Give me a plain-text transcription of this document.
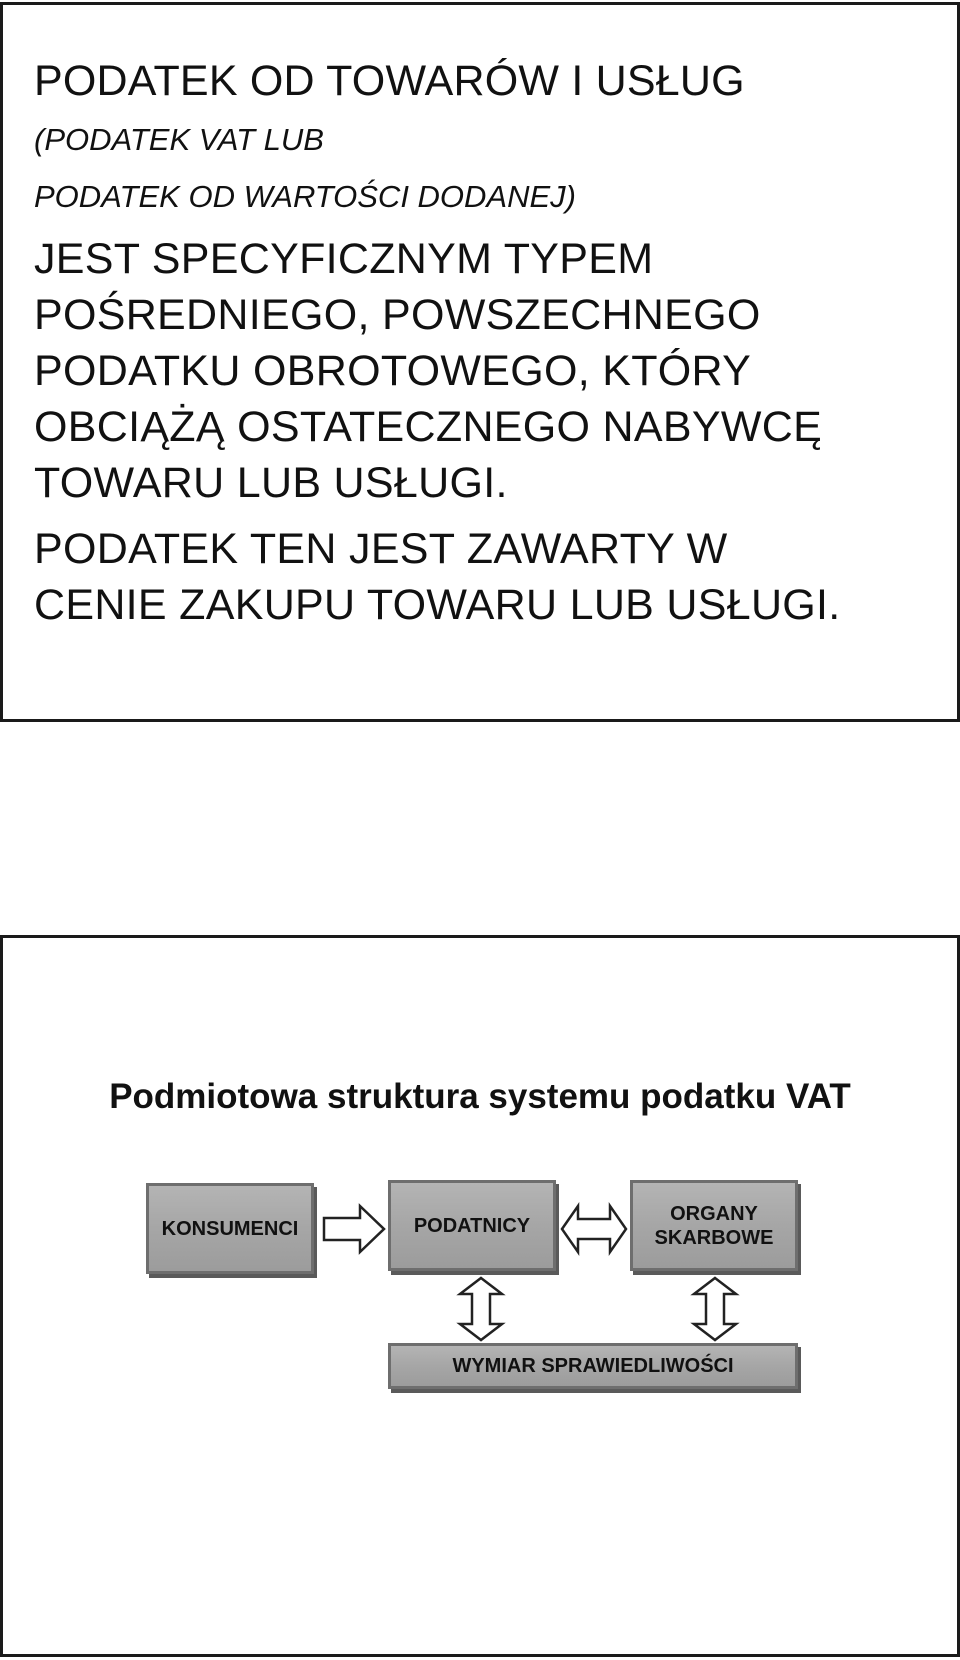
PODATEK OD TOWARÓW I USŁUG
(PODATEK VAT LUB
PODATEK OD WARTOŚCI DODANEJ)
JEST SPECYFICZNYM TYPEM
POŚREDNIEGO, POWSZECHNEGO
PODATKU OBROTOWEGO, KTÓRY
OBCIĄŻĄ OSTATECZNEGO NABYWCĘ
TOWARU LUB USŁUGI.
PODATEK TEN JEST ZAWARTY W
CENIE ZAKUPU TOWARU LUB USŁUGI.
Podmiotowa struktura systemu podatku VAT
KONSUMENCI	PODATNICY
ORGANY
SKARBOWE
WYMIAR SPRAWIEDLIWOŚCI
